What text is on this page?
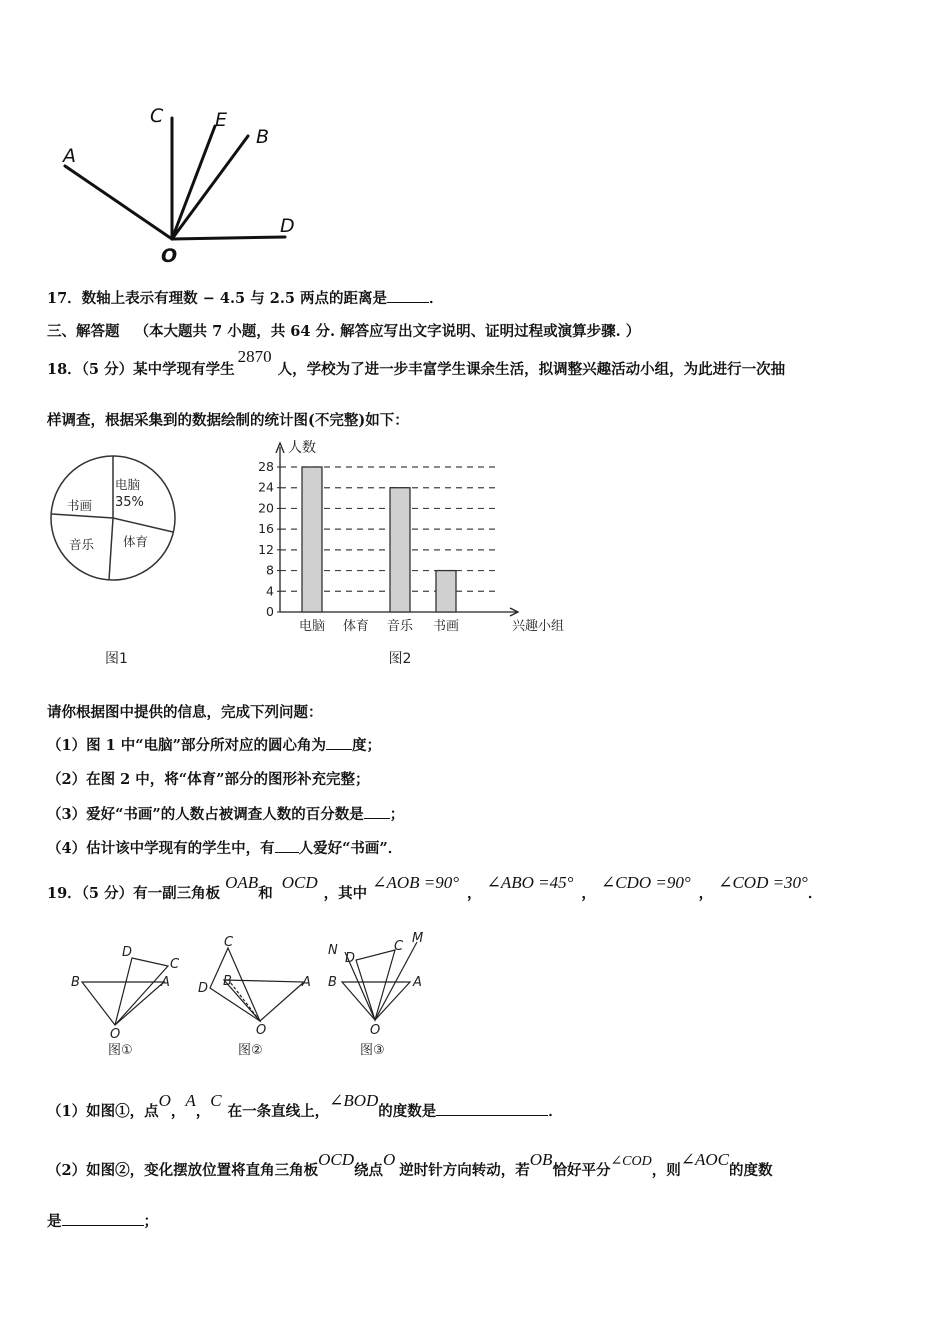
A
C	E
B
D
O
17．数轴上表示有理数 − 4.5 与 2.5 两点的距离是	．
三、解答题 （本大题共 7 小题，共 64 分. 解答应写出文字说明、证明过程或演算步骤. ）
18．（5 分）某中学现有学生2870人，学校为了进一步丰富学生课余生活，拟调整兴趣活动小组，为此进行一次抽
样调查，根据采集到的数据绘制的统计图(不完整)如下：
电脑
35%
书画
音乐 体育
图1
0
4
8
12
16
20
24
28
人数
电脑 体育 音乐 书画	兴趣小组
图2
请你根据图中提供的信息，完成下列问题：
（1）图 1 中“电脑”部分所对应的圆心角为 度；
（2）在图 2 中，将“体育”部分的图形补充完整；
（3）爱好“书画”的人数占被调查人数的百分数是 ；
（4）估计该中学现有的学生中，有 人爱好“书画”．
19．（5 分）有一副三角板 OAB和 OCD，其中 ∠AOB =90°， ∠ABO =45°， ∠CDO =90°， ∠COD =30°．
D
C
B	A
O
C
B
D	A
O
N	C
M
D
B	A
O
图①	图②	图③
（1）如图①，点O，A，C在一条直线上，∠BOD的度数是	．
（2）如图②，变化摆放位置将直角三角板OCD绕点O逆时针方向转动，若OB恰好平分∠COD，则∠AOC的度数
是	；
